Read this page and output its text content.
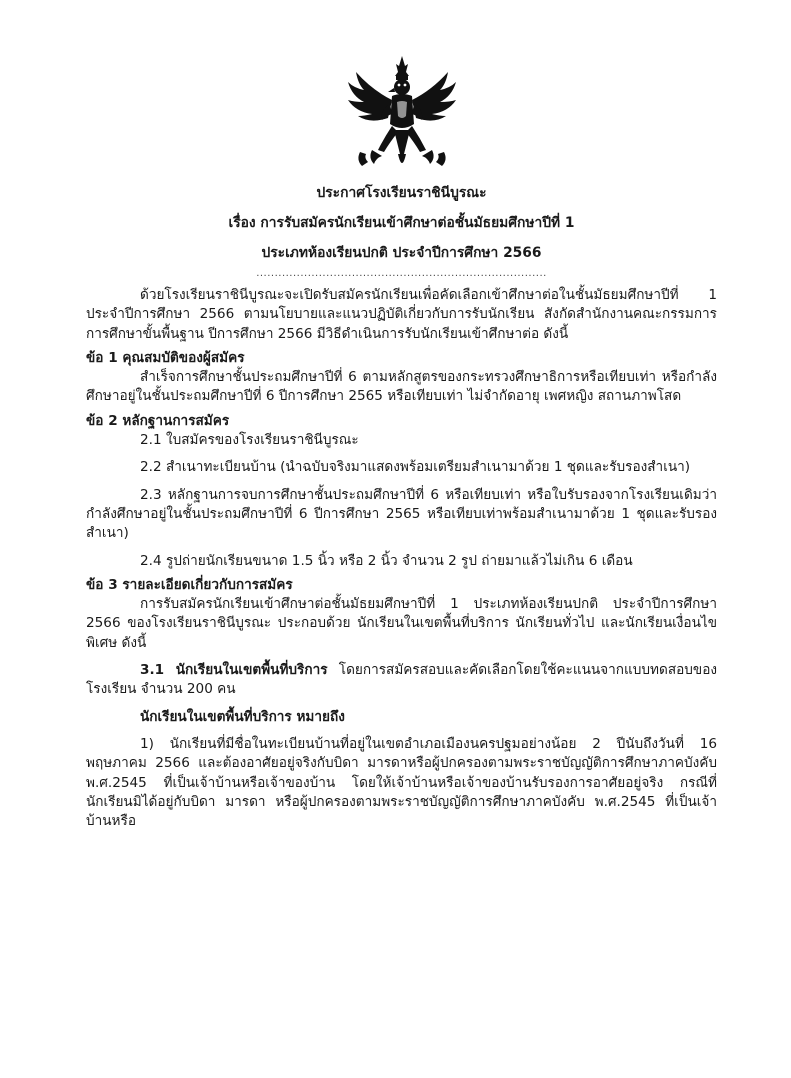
ประกาศโรงเรียนราชินีบูรณะ
เรื่อง การรับสมัครนักเรียนเข้าศึกษาต่อชั้นมัธยมศึกษาปีที่ 1
ประเภทห้องเรียนปกติ ประจำปีการศึกษา 2566
...............................................................................

ด้วยโรงเรียนราชินีบูรณะจะเปิดรับสมัครนักเรียนเพื่อคัดเลือกเข้าศึกษาต่อในชั้นมัธยมศึกษาปีที่ 1 ประจำปีการศึกษา 2566 ตามนโยบายและแนวปฏิบัติเกี่ยวกับการรับนักเรียน สังกัดสำนักงานคณะกรรมการการศึกษาขั้นพื้นฐาน ปีการศึกษา 2566 มีวิธีดำเนินการรับนักเรียนเข้าศึกษาต่อ ดังนี้

ข้อ 1 คุณสมบัติของผู้สมัคร

สำเร็จการศึกษาชั้นประถมศึกษาปีที่ 6 ตามหลักสูตรของกระทรวงศึกษาธิการหรือเทียบเท่า หรือกำลังศึกษาอยู่ในชั้นประถมศึกษาปีที่ 6 ปีการศึกษา 2565 หรือเทียบเท่า ไม่จำกัดอายุ เพศหญิง สถานภาพโสด

ข้อ 2 หลักฐานการสมัคร

2.1 ใบสมัครของโรงเรียนราชินีบูรณะ

2.2 สำเนาทะเบียนบ้าน (นำฉบับจริงมาแสดงพร้อมเตรียมสำเนามาด้วย 1 ชุดและรับรองสำเนา)

2.3 หลักฐานการจบการศึกษาชั้นประถมศึกษาปีที่ 6 หรือเทียบเท่า หรือใบรับรองจากโรงเรียนเดิมว่ากำลังศึกษาอยู่ในชั้นประถมศึกษาปีที่ 6 ปีการศึกษา 2565 หรือเทียบเท่าพร้อมสำเนามาด้วย 1 ชุดและรับรองสำเนา)

2.4 รูปถ่ายนักเรียนขนาด 1.5 นิ้ว หรือ 2 นิ้ว จำนวน 2 รูป ถ่ายมาแล้วไม่เกิน 6 เดือน

ข้อ 3 รายละเอียดเกี่ยวกับการสมัคร

การรับสมัครนักเรียนเข้าศึกษาต่อชั้นมัธยมศึกษาปีที่ 1 ประเภทห้องเรียนปกติ ประจำปีการศึกษา 2566 ของโรงเรียนราชินีบูรณะ ประกอบด้วย นักเรียนในเขตพื้นที่บริการ นักเรียนทั่วไป และนักเรียนเงื่อนไขพิเศษ ดังนี้

3.1 นักเรียนในเขตพื้นที่บริการ โดยการสมัครสอบและคัดเลือกโดยใช้คะแนนจากแบบทดสอบของโรงเรียน จำนวน 200 คน

นักเรียนในเขตพื้นที่บริการ หมายถึง

1) นักเรียนที่มีชื่อในทะเบียนบ้านที่อยู่ในเขตอำเภอเมืองนครปฐมอย่างน้อย 2 ปีนับถึงวันที่ 16 พฤษภาคม 2566 และต้องอาศัยอยู่จริงกับบิดา มารดาหรือผู้ปกครองตามพระราชบัญญัติการศึกษาภาคบังคับ พ.ศ.2545 ที่เป็นเจ้าบ้านหรือเจ้าของบ้าน โดยให้เจ้าบ้านหรือเจ้าของบ้านรับรองการอาศัยอยู่จริง กรณีที่นักเรียนมิได้อยู่กับบิดา มารดา หรือผู้ปกครองตามพระราชบัญญัติการศึกษาภาคบังคับ พ.ศ.2545 ที่เป็นเจ้าบ้านหรือ
